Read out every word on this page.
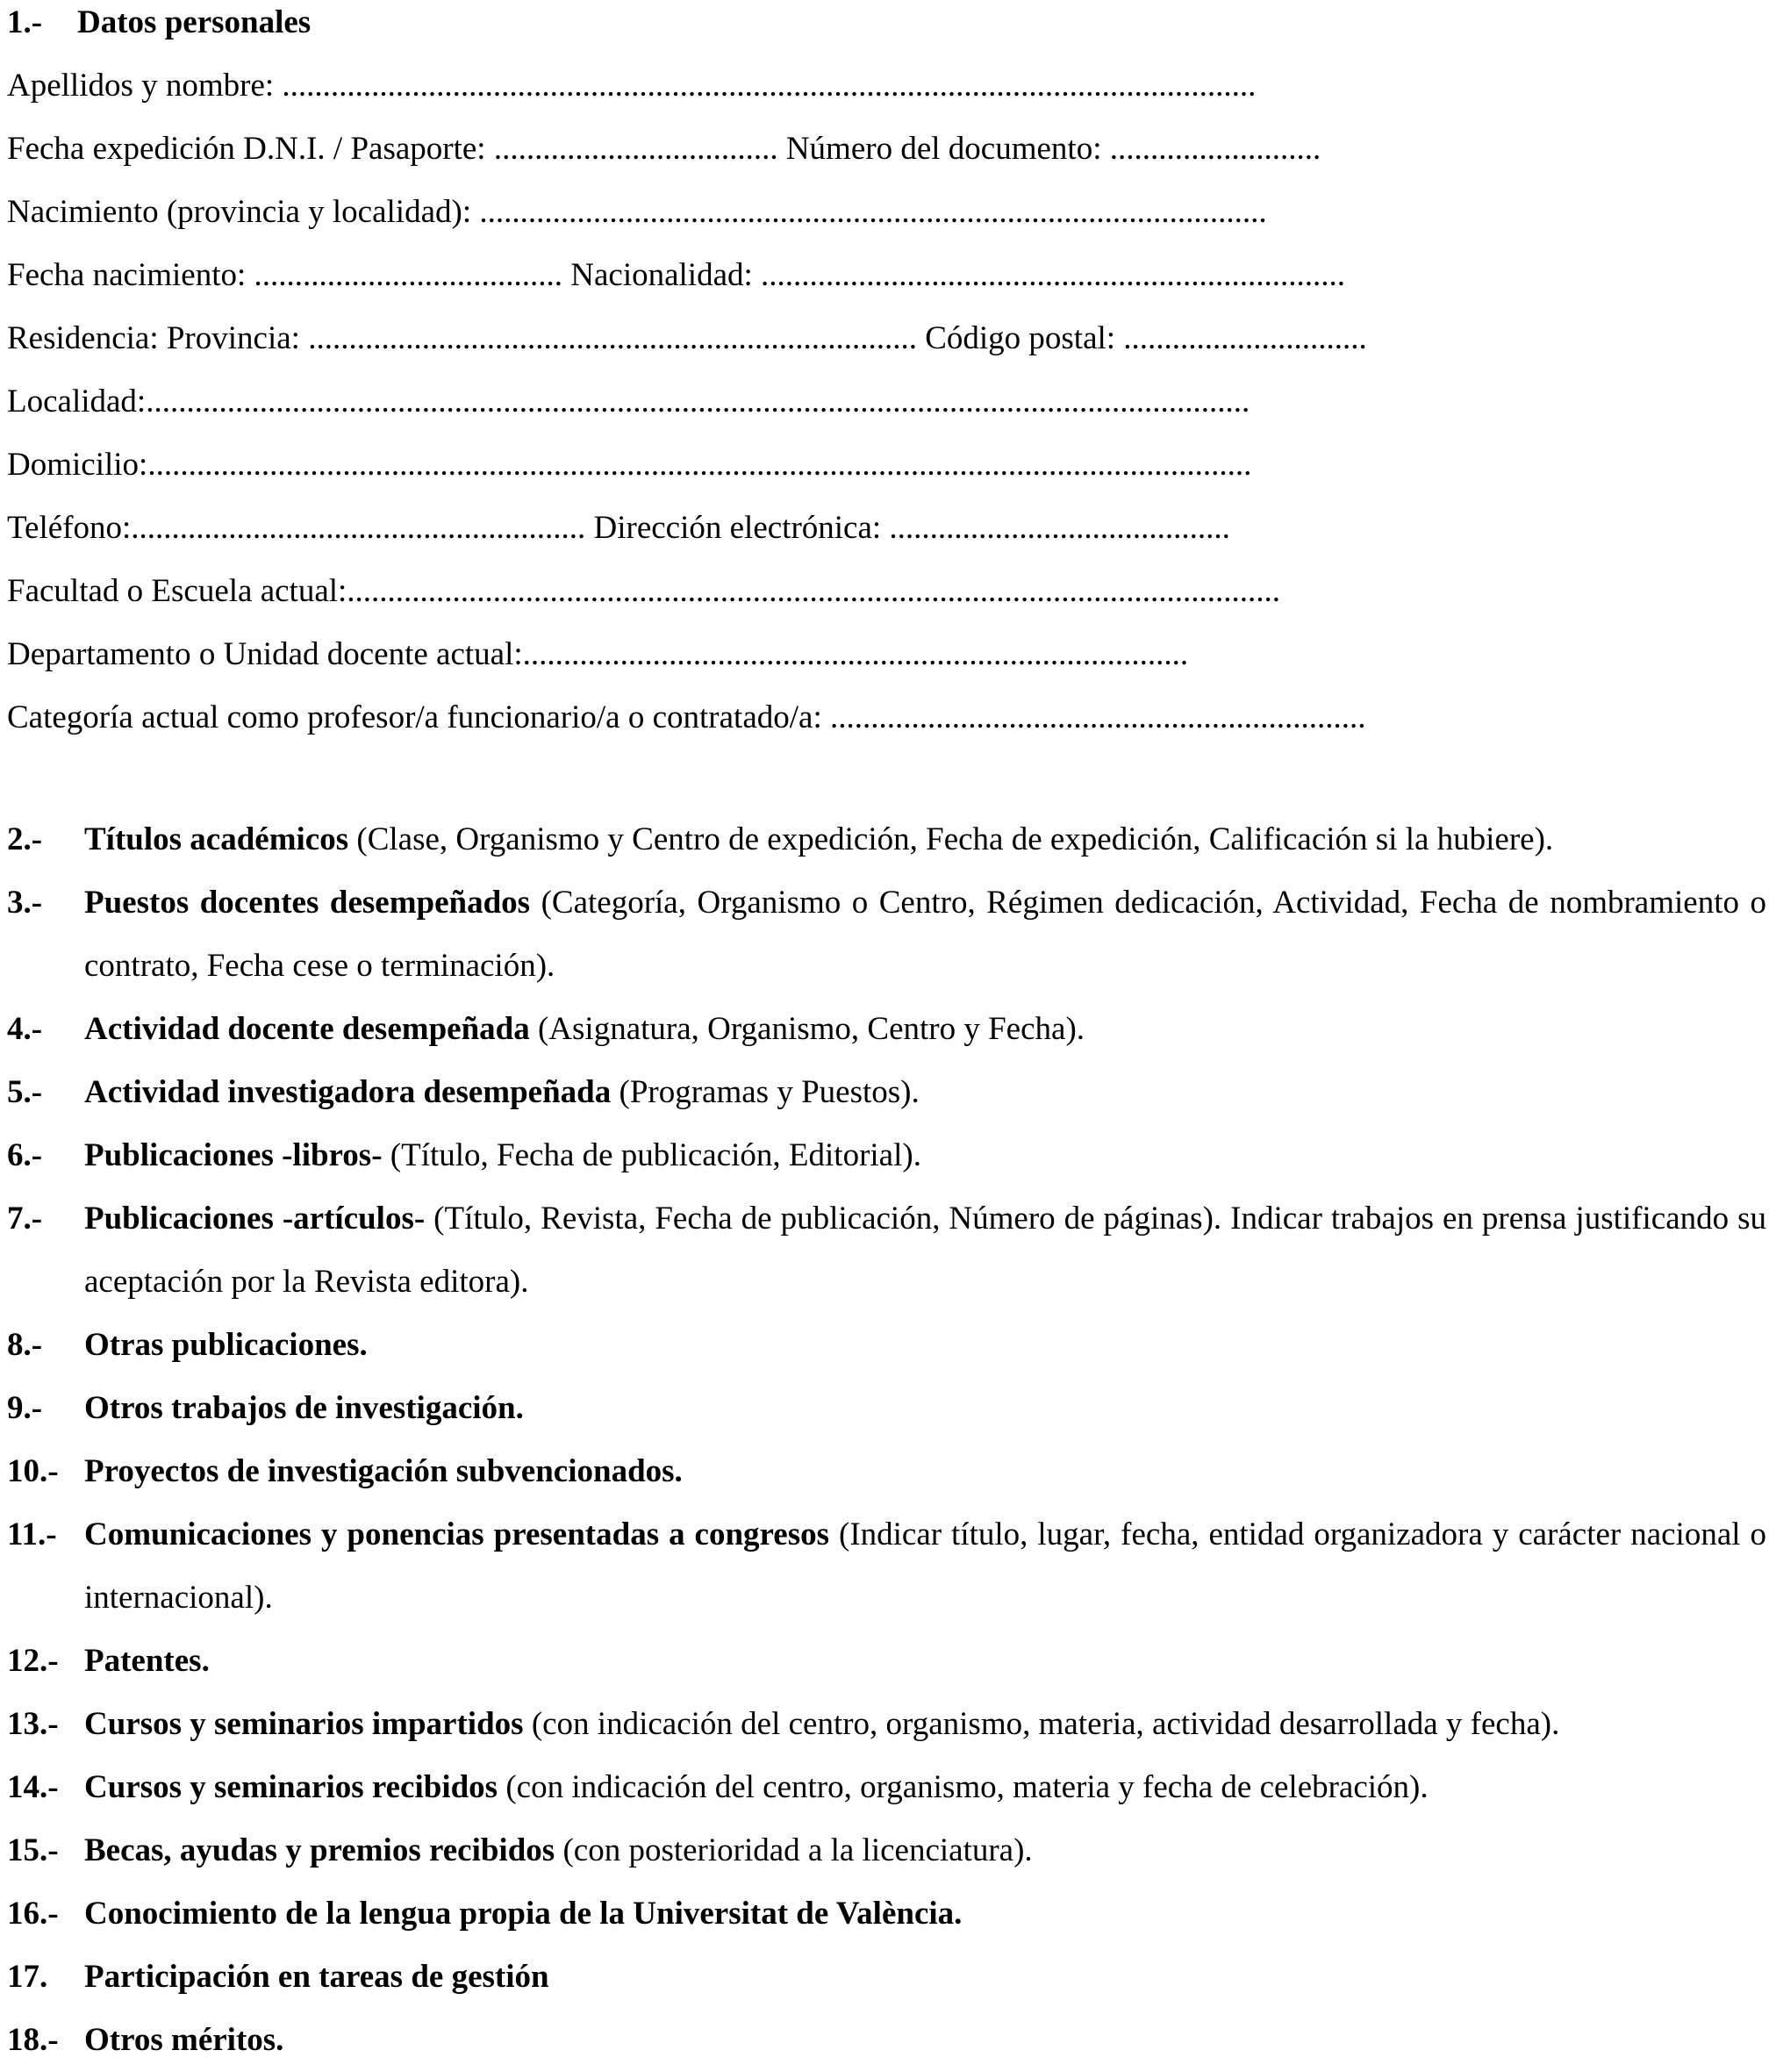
1.- Datos personales
Apellidos y nombre: ........................................................................................................................
Fecha expedición D.N.I. / Pasaporte: ................................... Número del documento: ..........................
Nacimiento (provincia y localidad): .................................................................................................
Fecha nacimiento: ...................................... Nacionalidad: ........................................................................
Residencia: Provincia: ........................................................................... Código postal: ..............................
Localidad:........................................................................................................................................
Domicilio:........................................................................................................................................
Teléfono:........................................................ Dirección electrónica: ..........................................
Facultad o Escuela actual:...................................................................................................................
Departamento o Unidad docente actual:..................................................................................
Categoría actual como profesor/a funcionario/a o contratado/a: ..................................................................
2.- Títulos académicos (Clase, Organismo y Centro de expedición, Fecha de expedición, Calificación si la hubiere).
3.- Puestos docentes desempeñados (Categoría, Organismo o Centro, Régimen dedicación, Actividad, Fecha de nombramiento o contrato, Fecha cese o terminación).
4.- Actividad docente desempeñada (Asignatura, Organismo, Centro y Fecha).
5.- Actividad investigadora desempeñada (Programas y Puestos).
6.- Publicaciones -libros- (Título, Fecha de publicación, Editorial).
7.- Publicaciones -artículos- (Título, Revista, Fecha de publicación, Número de páginas). Indicar trabajos en prensa justificando su aceptación por la Revista editora).
8.- Otras publicaciones.
9.- Otros trabajos de investigación.
10.- Proyectos de investigación subvencionados.
11.- Comunicaciones y ponencias presentadas a congresos (Indicar título, lugar, fecha, entidad organizadora y carácter nacional o internacional).
12.- Patentes.
13.- Cursos y seminarios impartidos (con indicación del centro, organismo, materia, actividad desarrollada y fecha).
14.- Cursos y seminarios recibidos (con indicación del centro, organismo, materia y fecha de celebración).
15.- Becas, ayudas y premios recibidos (con posterioridad a la licenciatura).
16.- Conocimiento de la lengua propia de la Universitat de València.
17. Participación en tareas de gestión
18.- Otros méritos.
